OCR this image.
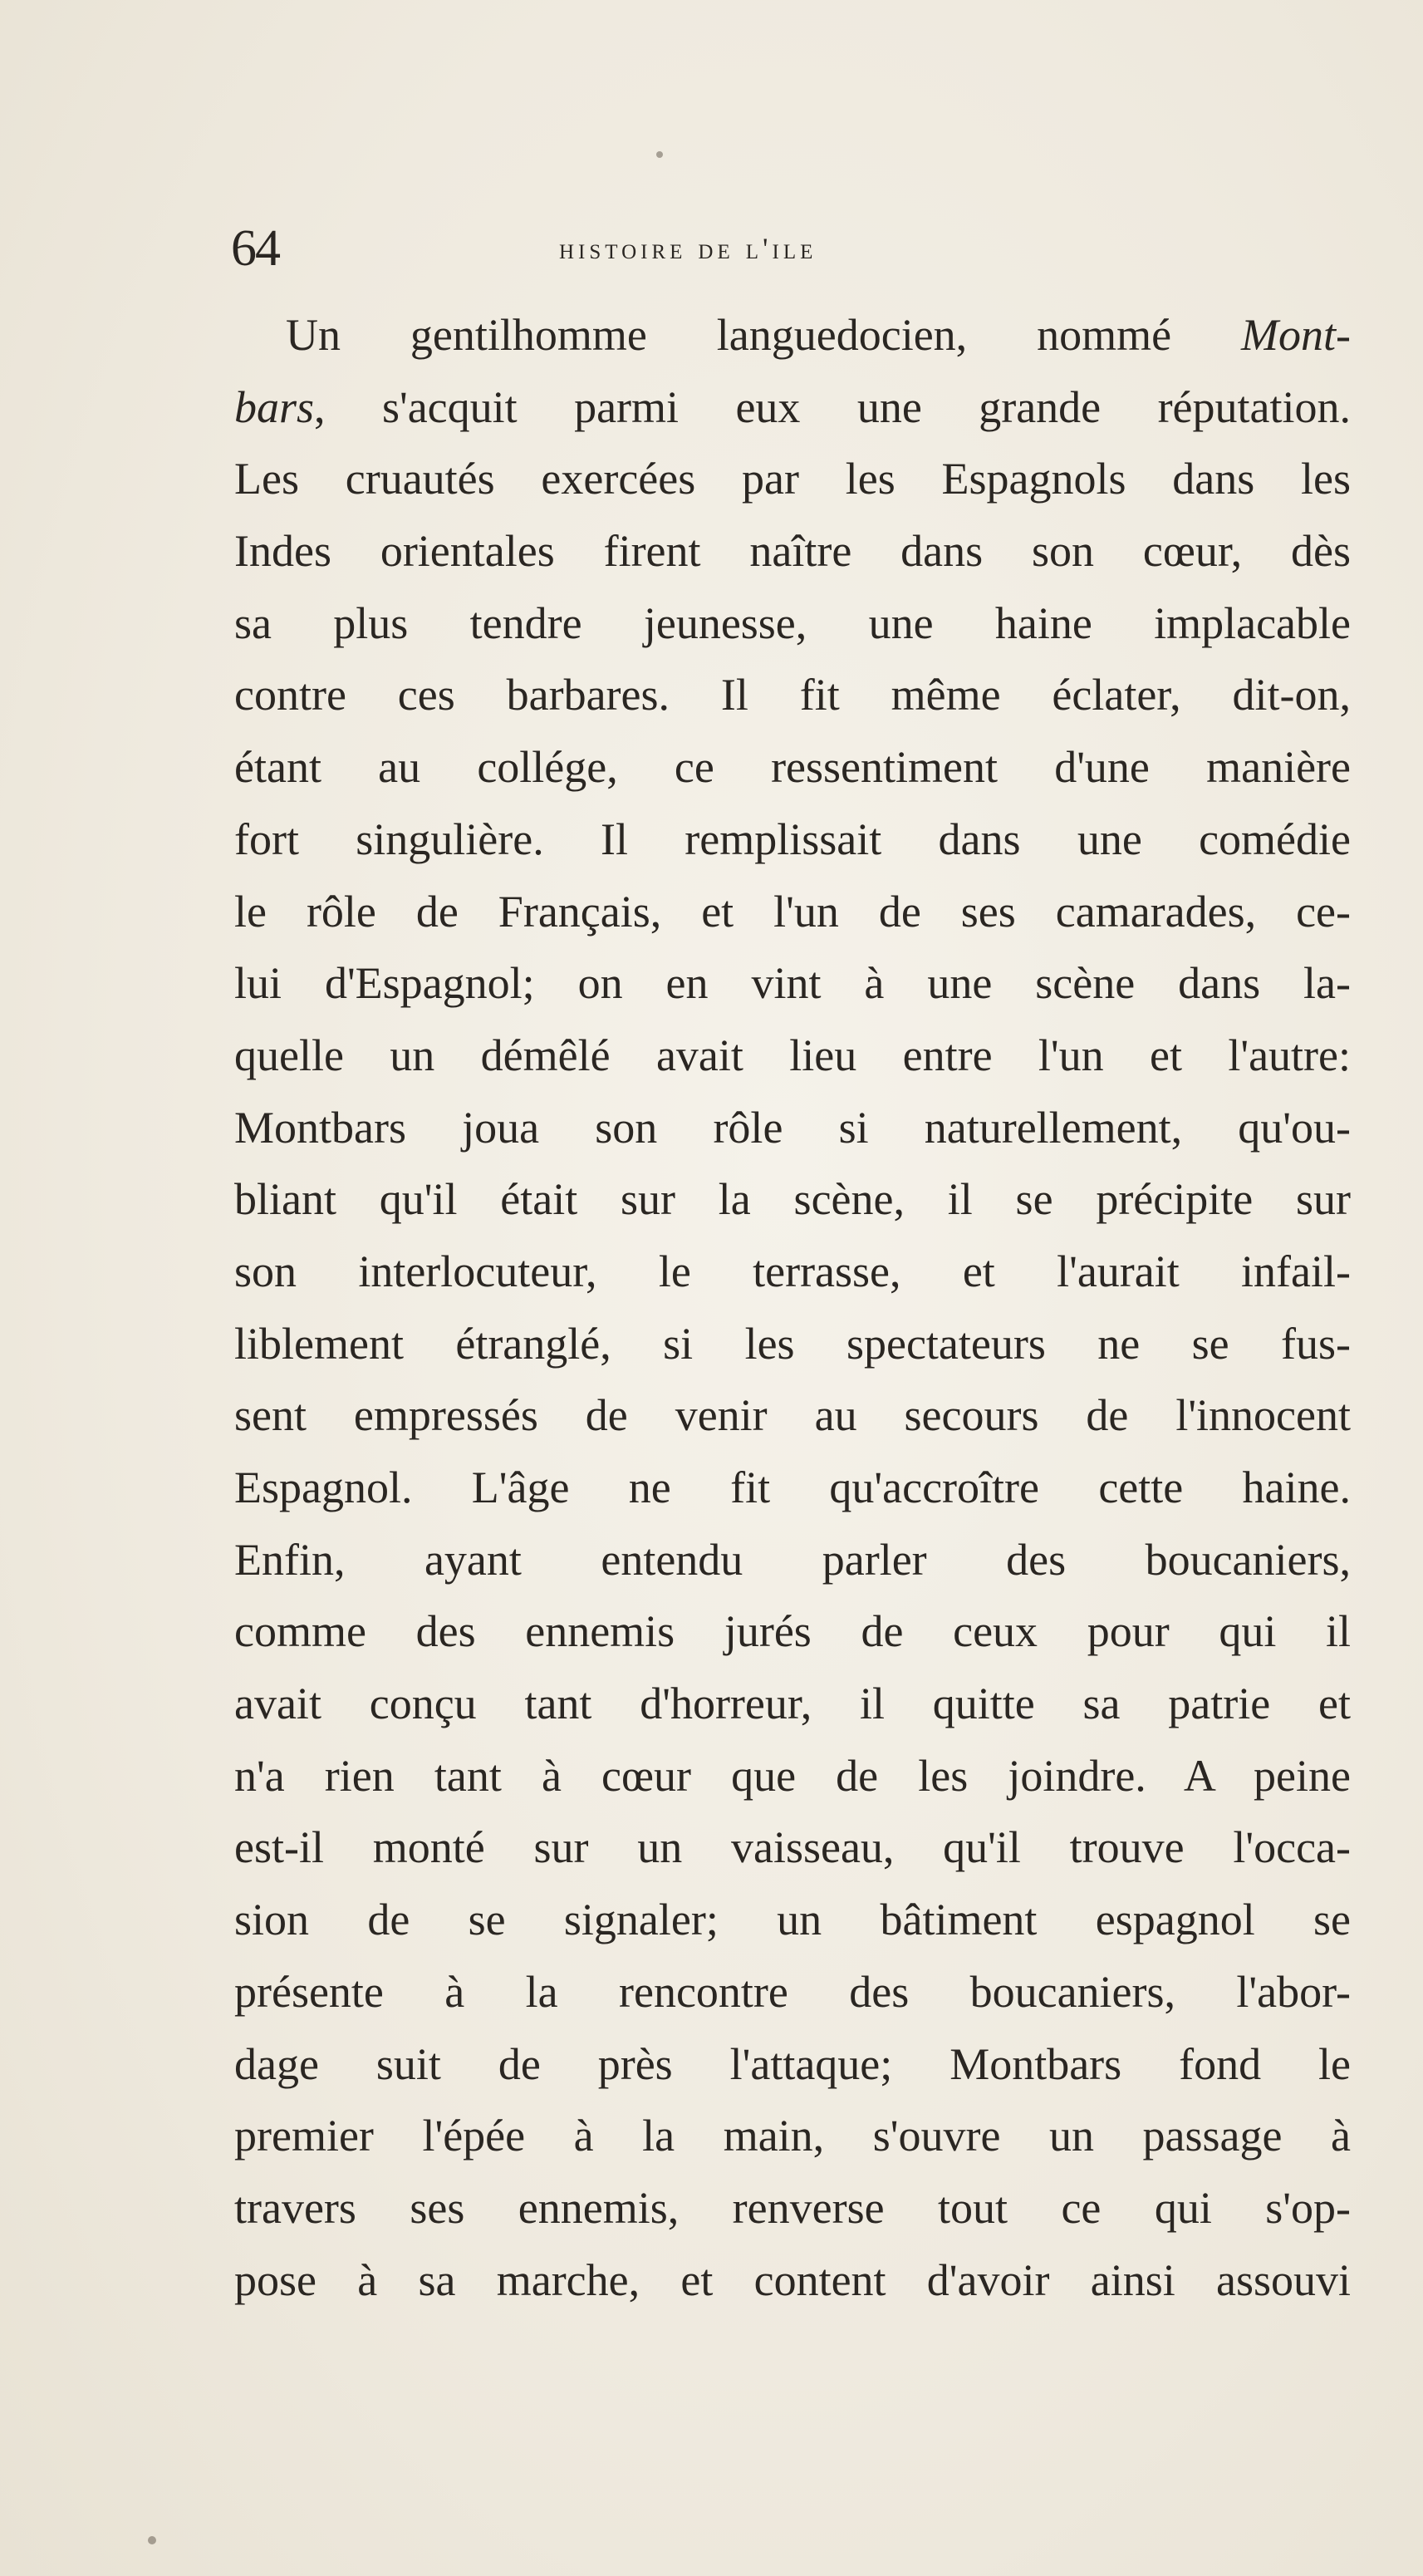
64	histoire de l'ile
Un gentilhomme languedocien, nommé Mont-
bars, s'acquit parmi eux une grande réputation.
Les cruautés exercées par les Espagnols dans les
Indes orientales firent naître dans son cœur, dès
sa plus tendre jeunesse, une haine implacable
contre ces barbares. Il fit même éclater, dit-on,
étant au collége, ce ressentiment d'une manière
fort singulière. Il remplissait dans une comédie
le rôle de Français, et l'un de ses camarades, ce-
lui d'Espagnol; on en vint à une scène dans la-
quelle un démêlé avait lieu entre l'un et l'autre:
Montbars joua son rôle si naturellement, qu'ou-
bliant qu'il était sur la scène, il se précipite sur
son interlocuteur, le terrasse, et l'aurait infail-
liblement étranglé, si les spectateurs ne se fus-
sent empressés de venir au secours de l'innocent
Espagnol. L'âge ne fit qu'accroître cette haine.
Enfin, ayant entendu parler des boucaniers,
comme des ennemis jurés de ceux pour qui il
avait conçu tant d'horreur, il quitte sa patrie et
n'a rien tant à cœur que de les joindre. A peine
est-il monté sur un vaisseau, qu'il trouve l'occa-
sion de se signaler; un bâtiment espagnol se
présente à la rencontre des boucaniers, l'abor-
dage suit de près l'attaque; Montbars fond le
premier l'épée à la main, s'ouvre un passage à
travers ses ennemis, renverse tout ce qui s'op-
pose à sa marche, et content d'avoir ainsi assouvi
